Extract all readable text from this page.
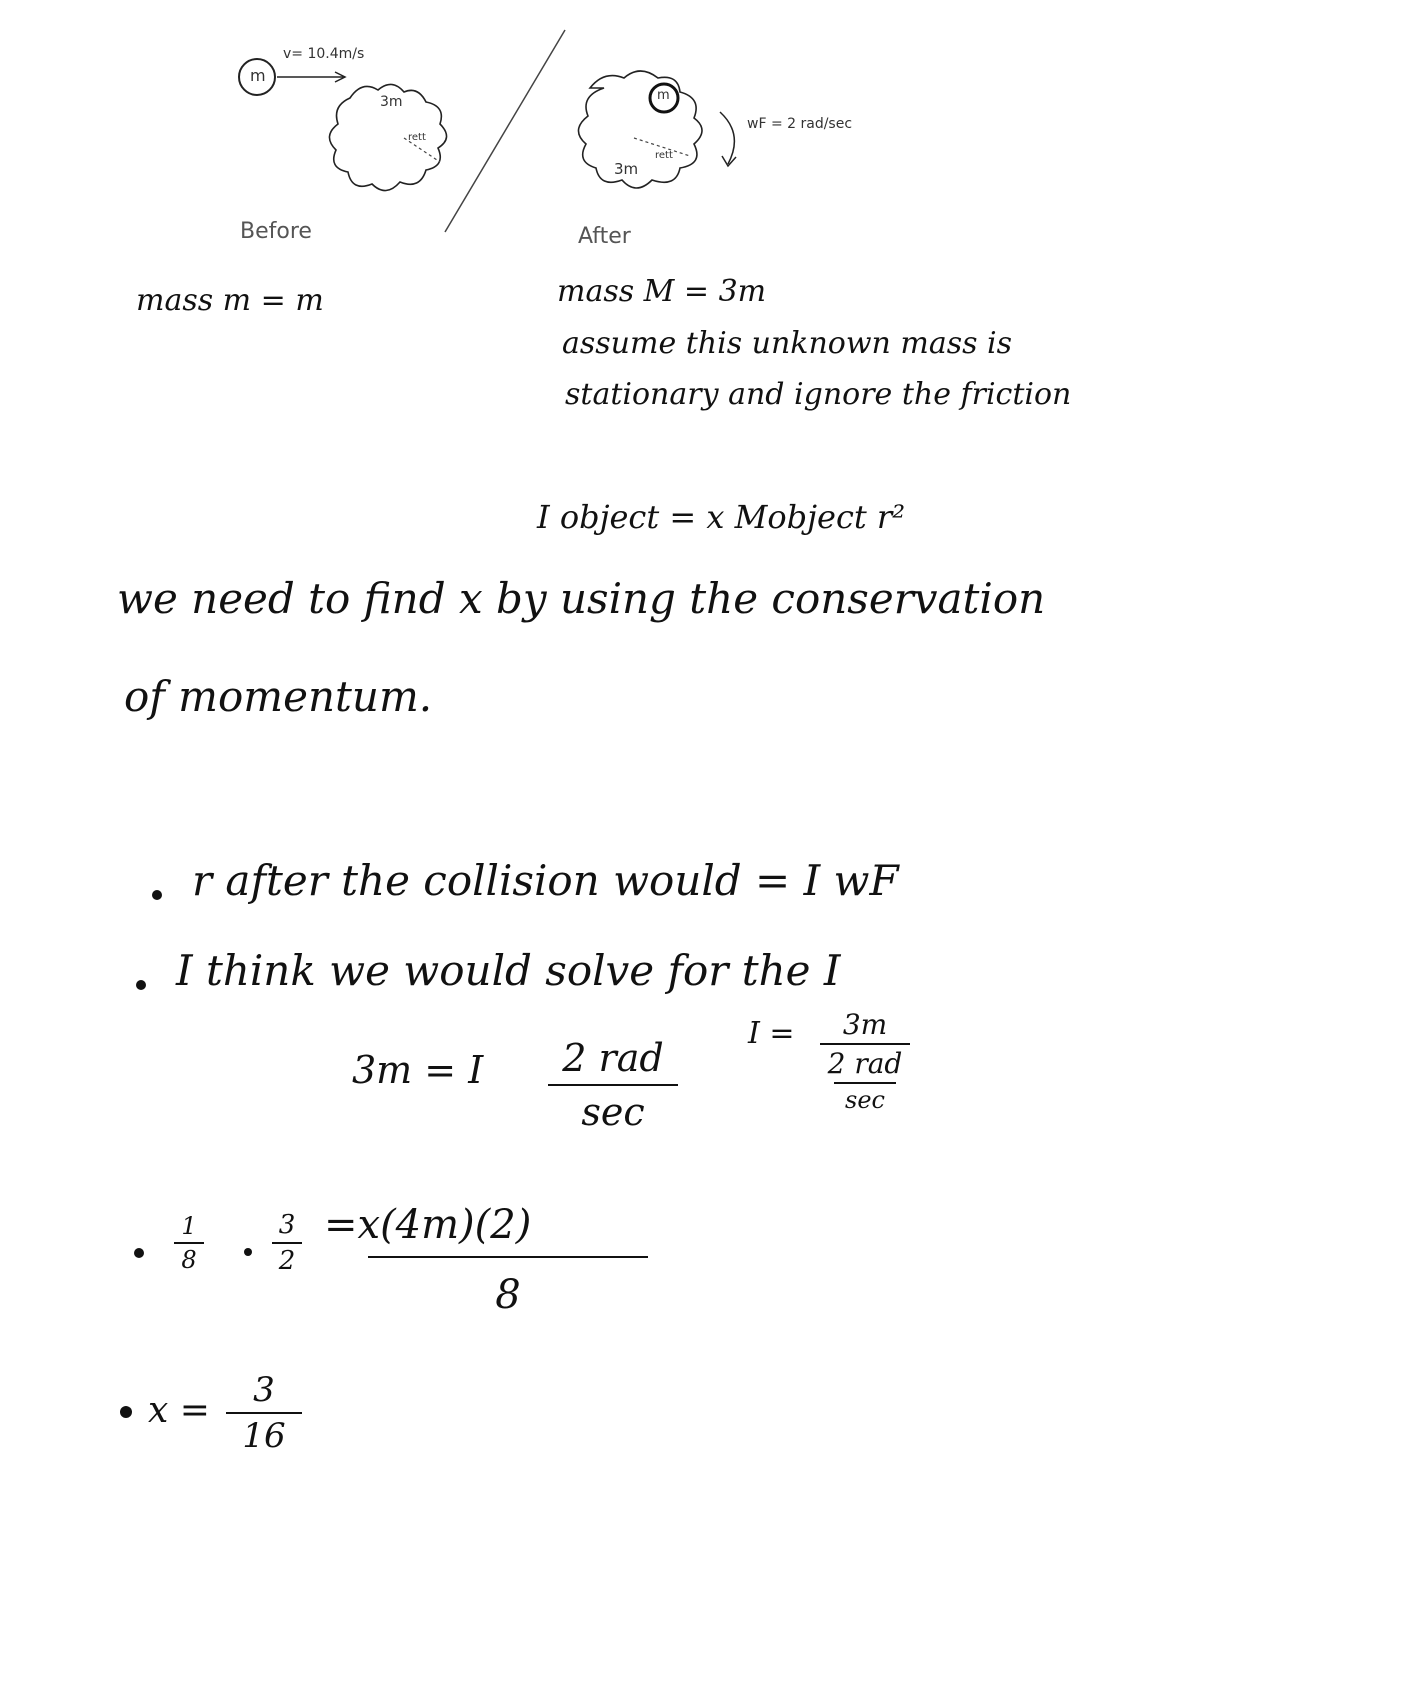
m
v= 10.4m/s
3m
rett
Before
m
3m
rett
wF = 2 rad/sec
After
mass m = m	mass M = 3m
assume this unknown mass is
stationary and ignore the friction
I object = x Mobject r²
we need to find x by using the conservation
of momentum.
r after the collision would = I wF
I think we would solve for the I
3m = I	2 rad
sec
I =	3m
2 rad
sec
1
8
3
2
=x(4m)(2)
8
x =	3
16
